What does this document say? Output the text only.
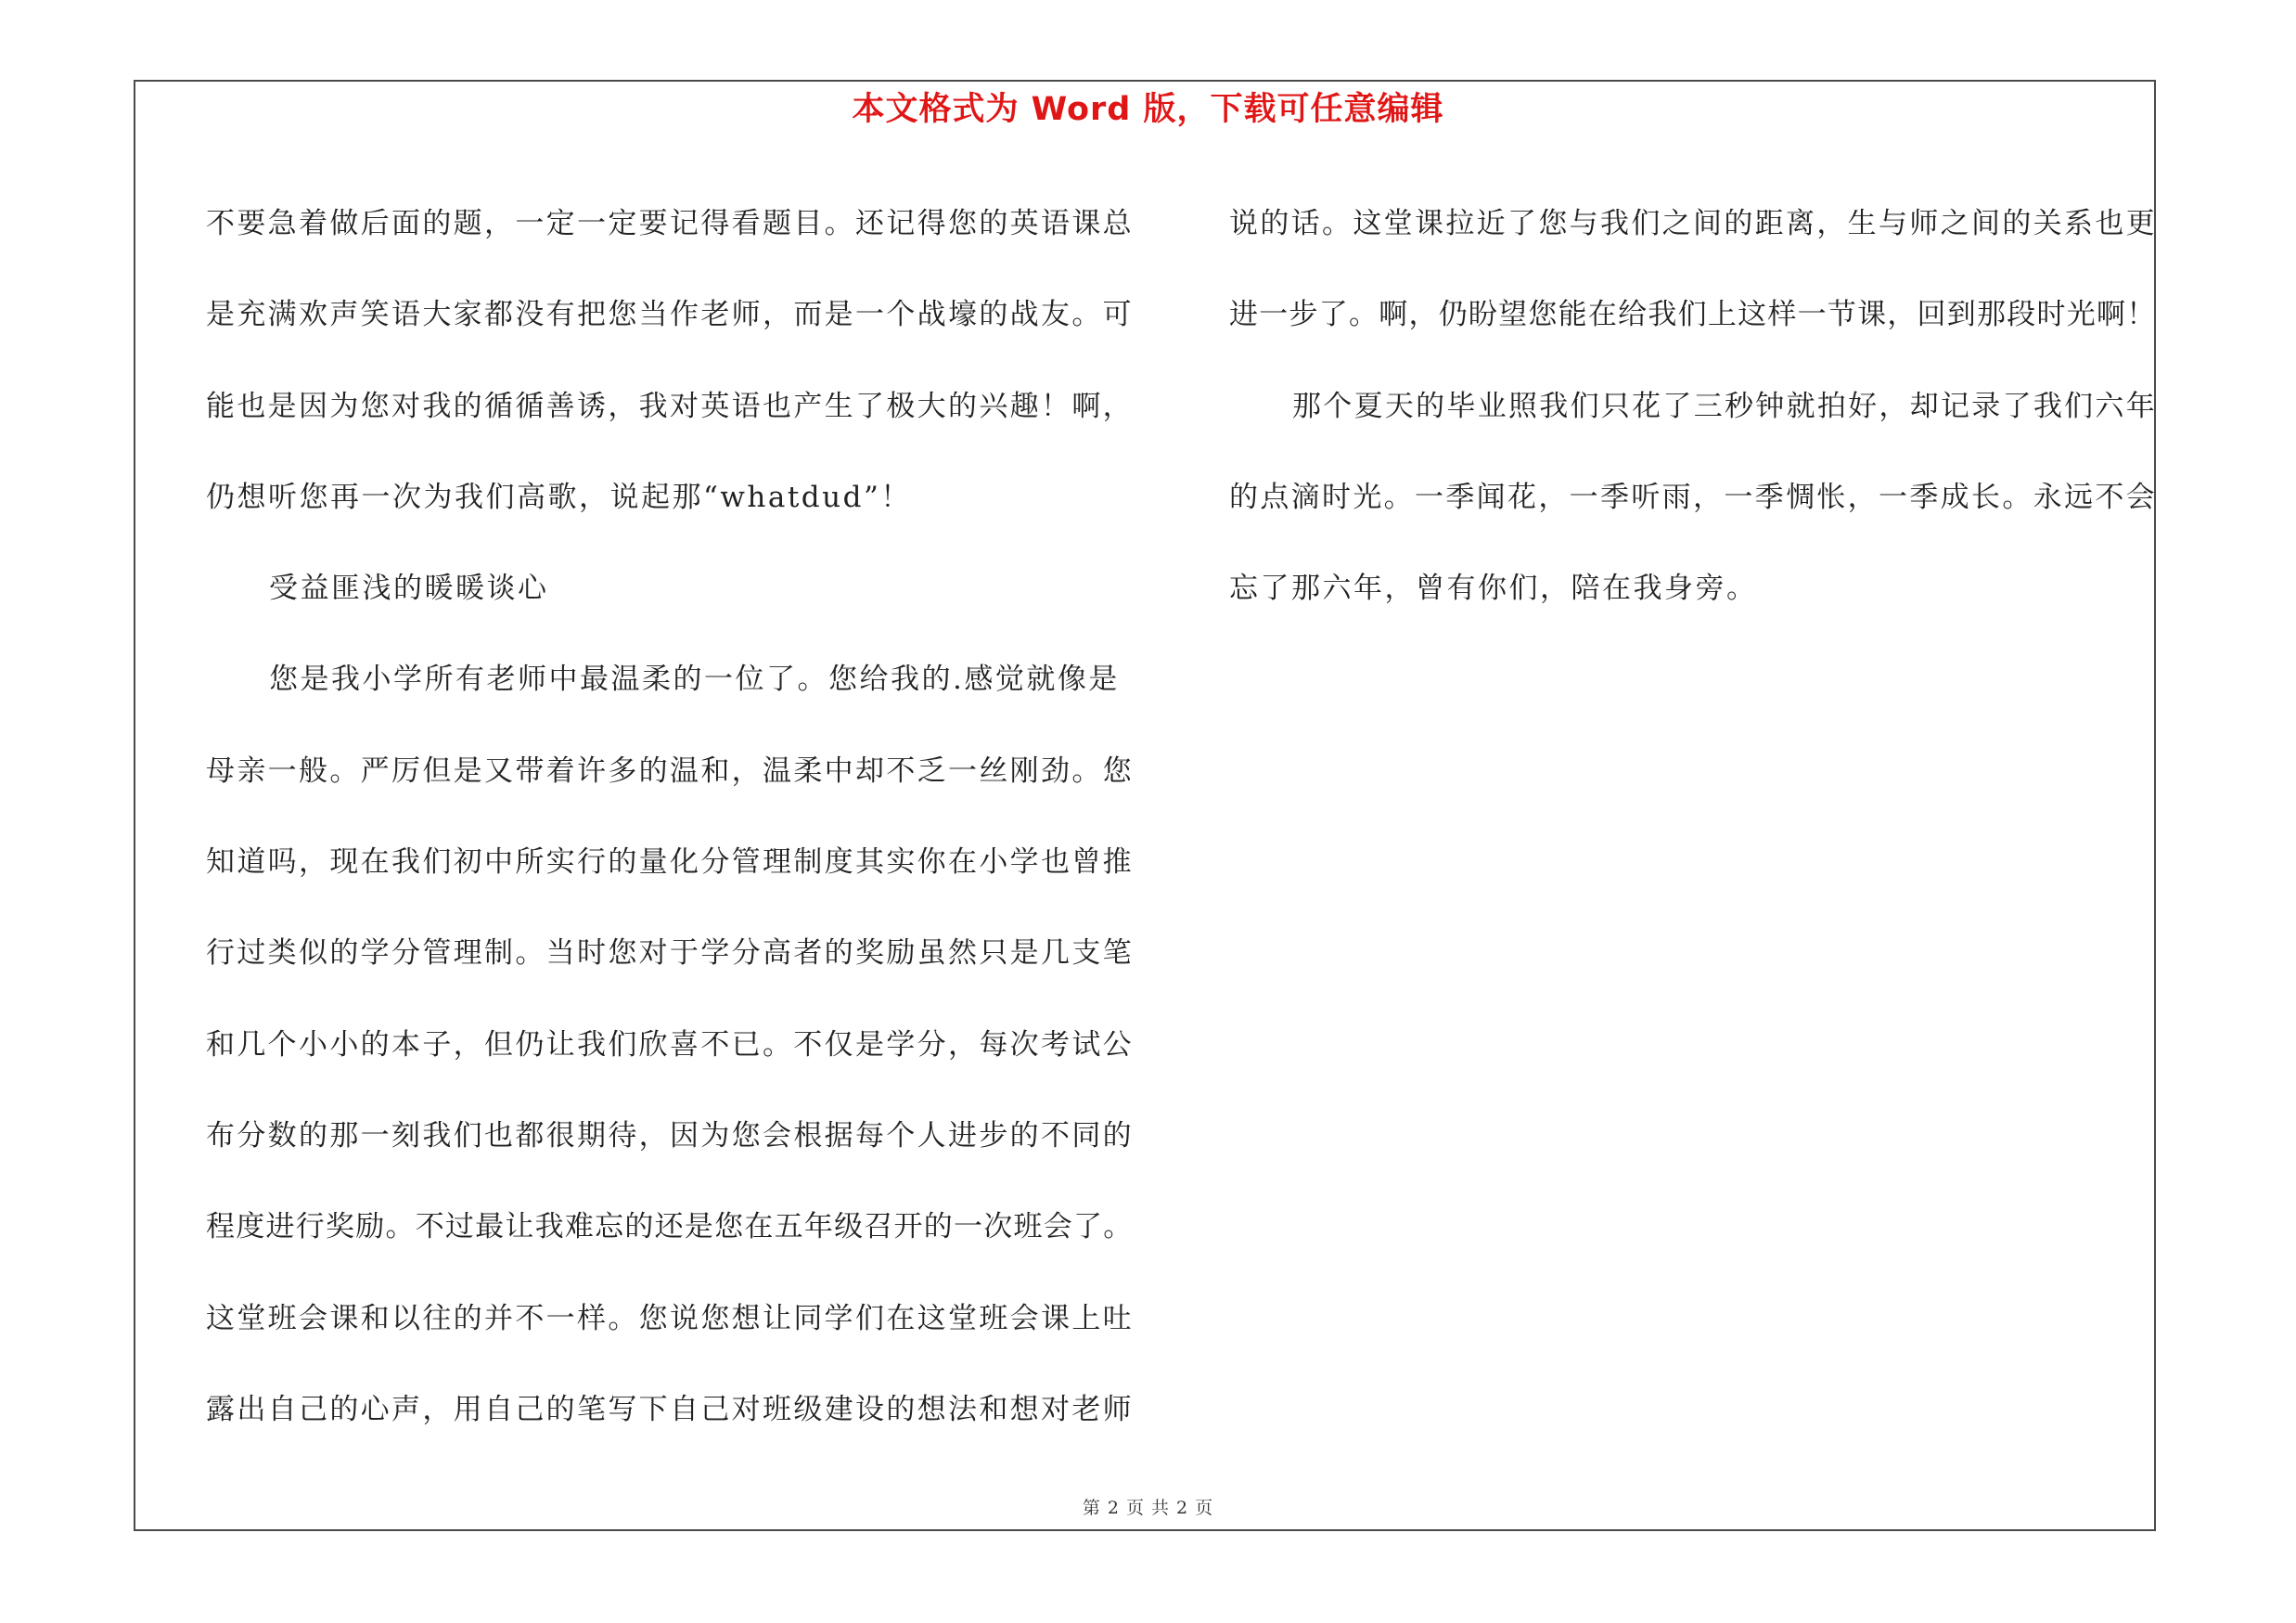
本文格式为 Word 版，下载可任意编辑
不要急着做后面的题，一定一定要记得看题目。还记得您的英语课总
是充满欢声笑语大家都没有把您当作老师，而是一个战壕的战友。可
能也是因为您对我的循循善诱，我对英语也产生了极大的兴趣！啊，
仍想听您再一次为我们高歌，说起那“whatdud”！
受益匪浅的暖暖谈心
您是我小学所有老师中最温柔的一位了。您给我的.感觉就像是
母亲一般。严厉但是又带着许多的温和，温柔中却不乏一丝刚劲。您
知道吗，现在我们初中所实行的量化分管理制度其实你在小学也曾推
行过类似的学分管理制。当时您对于学分高者的奖励虽然只是几支笔
和几个小小的本子，但仍让我们欣喜不已。不仅是学分，每次考试公
布分数的那一刻我们也都很期待，因为您会根据每个人进步的不同的
程度进行奖励。不过最让我难忘的还是您在五年级召开的一次班会了。
这堂班会课和以往的并不一样。您说您想让同学们在这堂班会课上吐
露出自己的心声，用自己的笔写下自己对班级建设的想法和想对老师
说的话。这堂课拉近了您与我们之间的距离，生与师之间的关系也更
进一步了。啊，仍盼望您能在给我们上这样一节课，回到那段时光啊！
那个夏天的毕业照我们只花了三秒钟就拍好，却记录了我们六年
的点滴时光。一季闻花，一季听雨，一季惆怅，一季成长。永远不会
忘了那六年，曾有你们，陪在我身旁。
第 2 页 共 2 页
